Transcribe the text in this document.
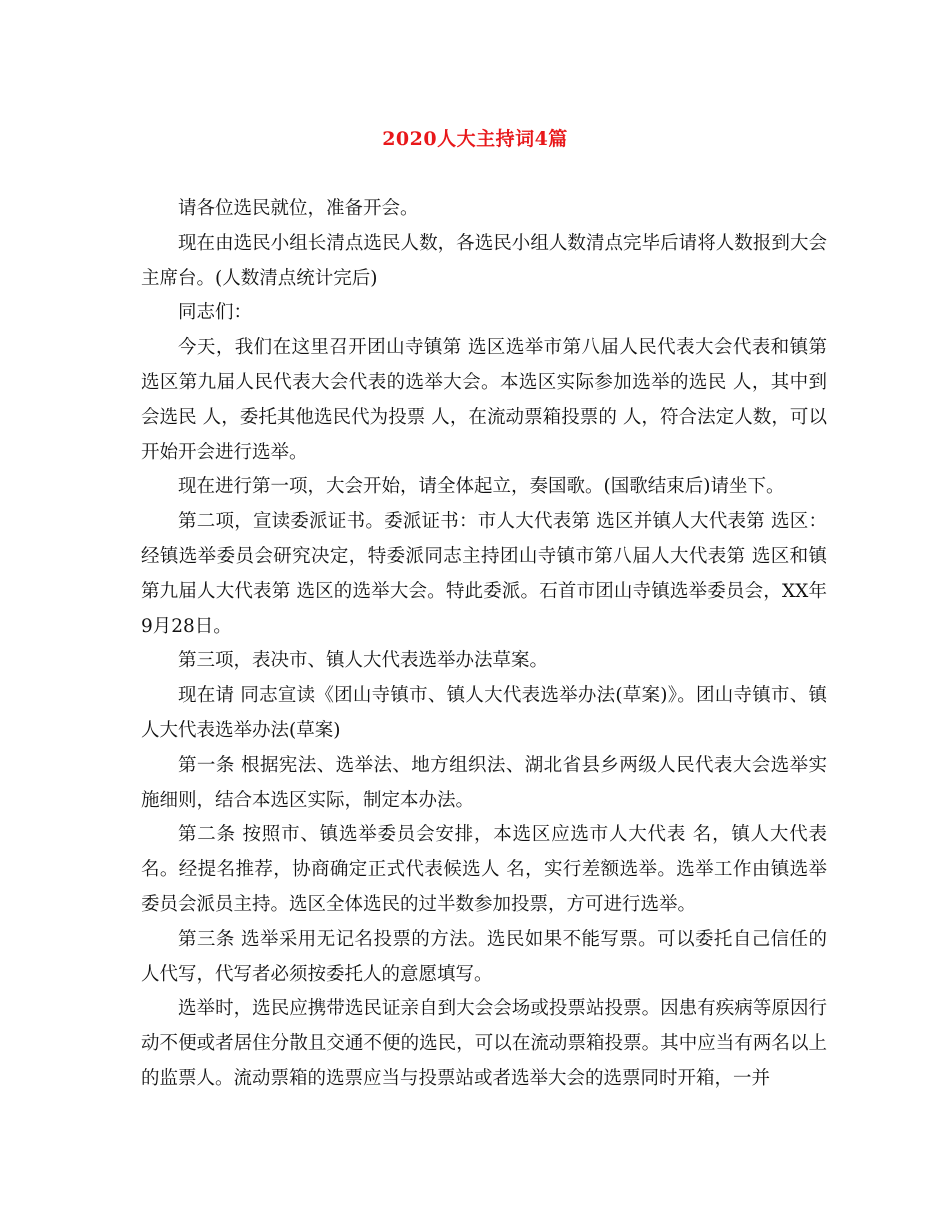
2020人大主持词4篇

请各位选民就位，准备开会。

现在由选民小组长清点选民人数，各选民小组人数清点完毕后请将人数报到大会主席台。(人数清点统计完后)

同志们：

今天，我们在这里召开团山寺镇第 选区选举市第八届人民代表大会代表和镇第 选区第九届人民代表大会代表的选举大会。本选区实际参加选举的选民 人，其中到会选民 人，委托其他选民代为投票 人，在流动票箱投票的 人，符合法定人数，可以开始开会进行选举。

现在进行第一项，大会开始，请全体起立，奏国歌。(国歌结束后)请坐下。

第二项，宣读委派证书。委派证书：市人大代表第 选区并镇人大代表第 选区：经镇选举委员会研究决定，特委派同志主持团山寺镇市第八届人大代表第 选区和镇第九届人大代表第 选区的选举大会。特此委派。石首市团山寺镇选举委员会，XX年9月28日。

第三项，表决市、镇人大代表选举办法草案。

现在请 同志宣读《团山寺镇市、镇人大代表选举办法(草案)》。团山寺镇市、镇人大代表选举办法(草案)

第一条 根据宪法、选举法、地方组织法、湖北省县乡两级人民代表大会选举实施细则，结合本选区实际，制定本办法。

第二条 按照市、镇选举委员会安排，本选区应选市人大代表 名，镇人大代表名。经提名推荐，协商确定正式代表候选人 名，实行差额选举。选举工作由镇选举委员会派员主持。选区全体选民的过半数参加投票，方可进行选举。

第三条 选举采用无记名投票的方法。选民如果不能写票。可以委托自己信任的人代写，代写者必须按委托人的意愿填写。

选举时，选民应携带选民证亲自到大会会场或投票站投票。因患有疾病等原因行动不便或者居住分散且交通不便的选民，可以在流动票箱投票。其中应当有两名以上的监票人。流动票箱的选票应当与投票站或者选举大会的选票同时开箱，一并
